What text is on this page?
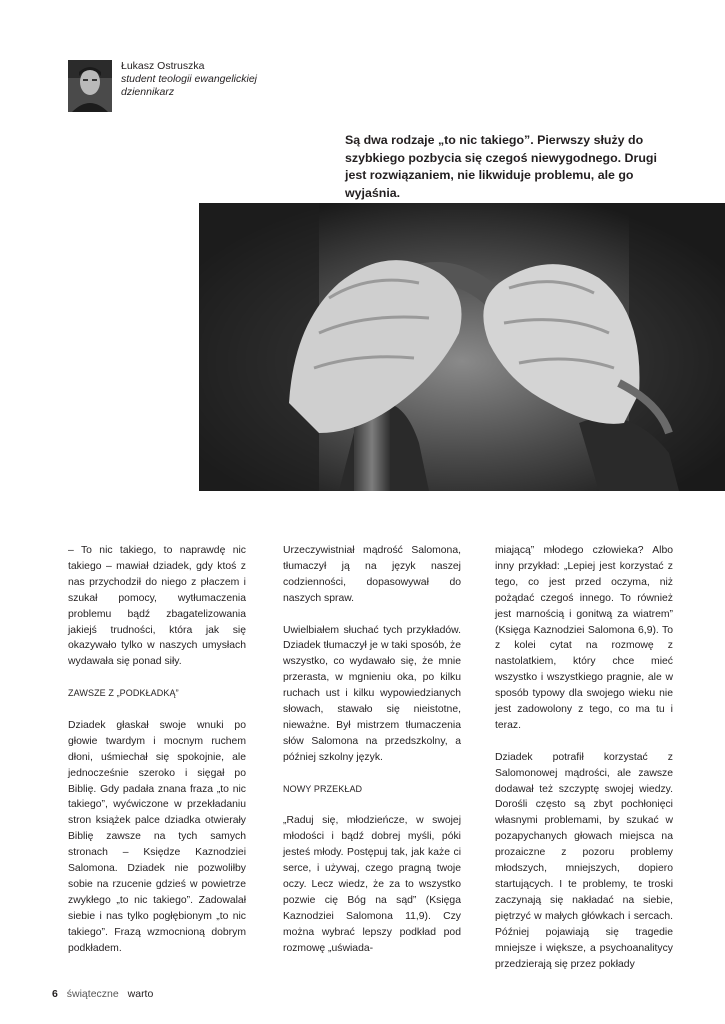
Łukasz Ostruszka
student teologii ewangelickiej
dziennikarz
Są dwa rodzaje „to nic takiego”. Pierwszy służy do szybkiego pozbycia się czegoś niewygodnego. Drugi jest rozwiązaniem, nie likwiduje problemu, ale go wyjaśnia.

– To nic takiego, to naprawdę nic takiego – mawiał dziadek, gdy ktoś z nas przychodził do niego z płaczem i szukał pomocy, wytłumaczenia problemu bądź zbagatelizowania jakiejś trudności, która jak się okazywało tylko w naszych umysłach wydawała się ponad siły.

ZAWSZE Z „PODKŁADKĄ”

Dziadek głaskał swoje wnuki po głowie twardym i mocnym ruchem dłoni, uśmiechał się spokojnie, ale jednocześnie szeroko i sięgał po Biblię. Gdy padała znana fraza „to nic takiego”, wyćwiczone w przekładaniu stron książek palce dziadka otwierały Biblię zawsze na tych samych stronach – Księdze Kaznodziei Salomona. Dziadek nie pozwoliłby sobie na rzucenie gdzieś w powietrze zwykłego „to nic takiego”. Zadowalał siebie i nas tylko pogłębionym „to nic takiego”. Frazą wzmocnioną dobrym podkładem.

Urzeczywistniał mądrość Salomona, tłumaczył ją na język naszej codzienności, dopasowywał do naszych spraw.

Uwielbiałem słuchać tych przykładów. Dziadek tłumaczył je w taki sposób, że wszystko, co wydawało się, że mnie przerasta, w mgnieniu oka, po kilku ruchach ust i kilku wypowiedzianych słowach, stawało się nieistotne, nieważne. Był mistrzem tłumaczenia słów Salomona na przedszkolny, a później szkolny język.

NOWY PRZEKŁAD

„Raduj się, młodzieńcze, w swojej młodości i bądź dobrej myśli, póki jesteś młody. Postępuj tak, jak każe ci serce, i używaj, czego pragną twoje oczy. Lecz wiedz, że za to wszystko pozwie cię Bóg na sąd” (Księga Kaznodziei Salomona 11,9). Czy można wybrać lepszy podkład pod rozmowę „uświada-

miającą” młodego człowieka? Albo inny przykład: „Lepiej jest korzystać z tego, co jest przed oczyma, niż pożądać czegoś innego. To również jest marnością i gonitwą za wiatrem” (Księga Kaznodziei Salomona 6,9). To z kolei cytat na rozmowę z nastolatkiem, który chce mieć wszystko i wszystkiego pragnie, ale w sposób typowy dla swojego wieku nie jest zadowolony z tego, co ma tu i teraz.

Dziadek potrafił korzystać z Salomonowej mądrości, ale zawsze dodawał też szczyptę swojej wiedzy. Dorośli często są zbyt pochłonięci własnymi problemami, by szukać w pozapychanych głowach miejsca na prozaiczne z pozoru problemy młodszych, mniejszych, dopiero startujących. I te problemy, te troski zaczynają się nakładać na siebie, piętrzyć w małych główkach i sercach. Później pojawiają się tragedie mniejsze i większe, a psychoanalitycy przedzierają się przez pokłady

6 świąteczne warto
